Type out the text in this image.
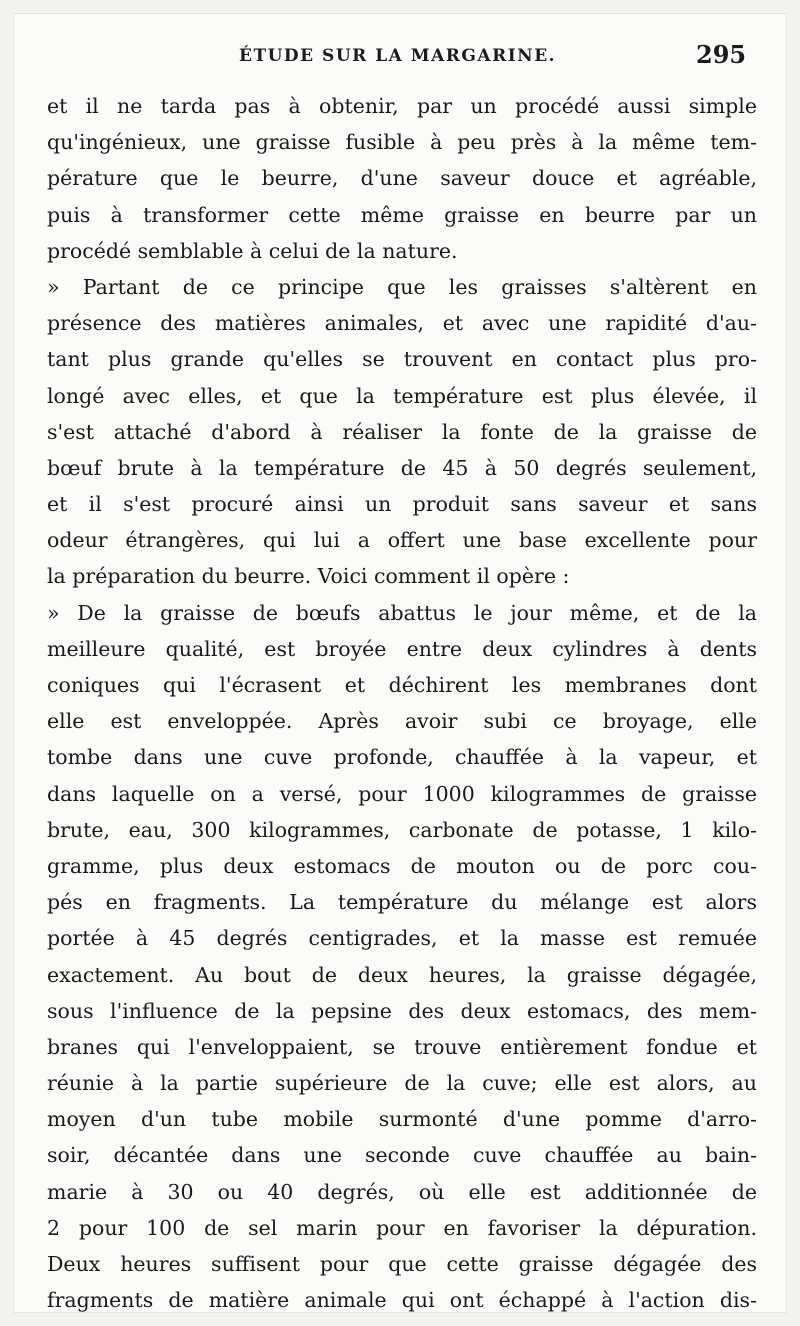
ÉTUDE SUR LA MARGARINE.	295
et il ne tarda pas à obtenir, par un procédé aussi simple
qu'ingénieux, une graisse fusible à peu près à la même tem-
pérature que le beurre, d'une saveur douce et agréable,
puis à transformer cette même graisse en beurre par un
procédé semblable à celui de la nature.
» Partant de ce principe que les graisses s'altèrent en
présence des matières animales, et avec une rapidité d'au-
tant plus grande qu'elles se trouvent en contact plus pro-
longé avec elles, et que la température est plus élevée, il
s'est attaché d'abord à réaliser la fonte de la graisse de
bœuf brute à la température de 45 à 50 degrés seulement,
et il s'est procuré ainsi un produit sans saveur et sans
odeur étrangères, qui lui a offert une base excellente pour
la préparation du beurre. Voici comment il opère :
» De la graisse de bœufs abattus le jour même, et de la
meilleure qualité, est broyée entre deux cylindres à dents
coniques qui l'écrasent et déchirent les membranes dont
elle est enveloppée. Après avoir subi ce broyage, elle
tombe dans une cuve profonde, chauffée à la vapeur, et
dans laquelle on a versé, pour 1000 kilogrammes de graisse
brute, eau, 300 kilogrammes, carbonate de potasse, 1 kilo-
gramme, plus deux estomacs de mouton ou de porc cou-
pés en fragments. La température du mélange est alors
portée à 45 degrés centigrades, et la masse est remuée
exactement. Au bout de deux heures, la graisse dégagée,
sous l'influence de la pepsine des deux estomacs, des mem-
branes qui l'enveloppaient, se trouve entièrement fondue et
réunie à la partie supérieure de la cuve; elle est alors, au
moyen d'un tube mobile surmonté d'une pomme d'arro-
soir, décantée dans une seconde cuve chauffée au bain-
marie à 30 ou 40 degrés, où elle est additionnée de
2 pour 100 de sel marin pour en favoriser la dépuration.
Deux heures suffisent pour que cette graisse dégagée des
fragments de matière animale qui ont échappé à l'action dis-
